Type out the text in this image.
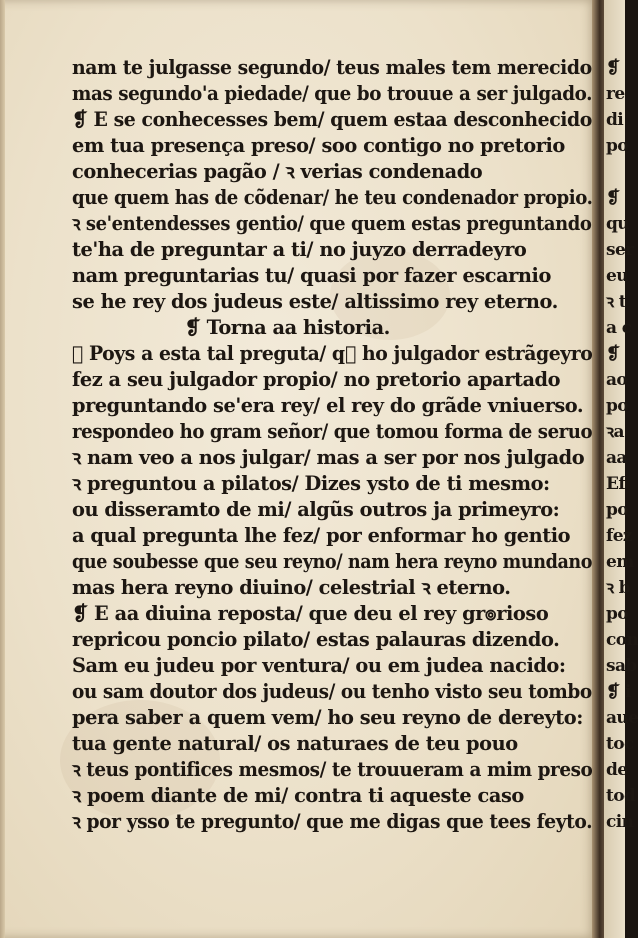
nam te julgasse segundo/ teus males tem merecido
mas segundo'a piedade/ que bo trouue a ser julgado.
❡ E se conhecesses bem/ quem estaa desconhecido
em tua presença preso/ soo contigo no pretorio
conhecerias pagão / ꝛ verias condenado
que quem has de cõdenar/ he teu condenador propio.
ꝛ se'entendesses gentio/ que quem estas preguntando
te'ha de preguntar a ti/ no juyzo derradeyro
nam preguntarias tu/ quasi por fazer escarnio
se he rey dos judeus este/ altissimo rey eterno.
❡ Torna aa historia.
❡ Poys a esta tal preguta/ qᷓ ho julgador estrãgeyro
fez a seu julgador propio/ no pretorio apartado
preguntando se'era rey/ el rey do grãde vniuerso.
respondeo ho gram señor/ que tomou forma de seruo
ꝛ nam veo a nos julgar/ mas a ser por nos julgado
ꝛ preguntou a pilatos/ Dizes ysto de ti mesmo:
ou disseramto de mi/ algũs outros ja primeyro:
a qual pregunta lhe fez/ por enformar ho gentio
que soubesse que seu reyno/ nam hera reyno mundano
mas hera reyno diuino/ celestrial ꝛ eterno.
❡ E aa diuina reposta/ que deu el rey gr๏rioso
repricou poncio pilato/ estas palauras dizendo.
Sam eu judeu por ventura/ ou em judea nacido:
ou sam doutor dos judeus/ ou tenho visto seu tombo
pera saber a quem vem/ ho seu reyno de dereyto:
tua gente natural/ os naturaes de teu pouo
ꝛ teus pontifices mesmos/ te trouueram a mim preso
ꝛ poem diante de mi/ contra ti aqueste caso
ꝛ por ysso te pregunto/ que me digas que tees feyto.
❡
re
di
po
❡
qu
ser
eu
ꝛ t
a c
❡
ao
po
ꝛa
aa
Ef
po
fez
em
ꝛ b
po
con
sab
❡ i
aue
toc
de
tod
cin
